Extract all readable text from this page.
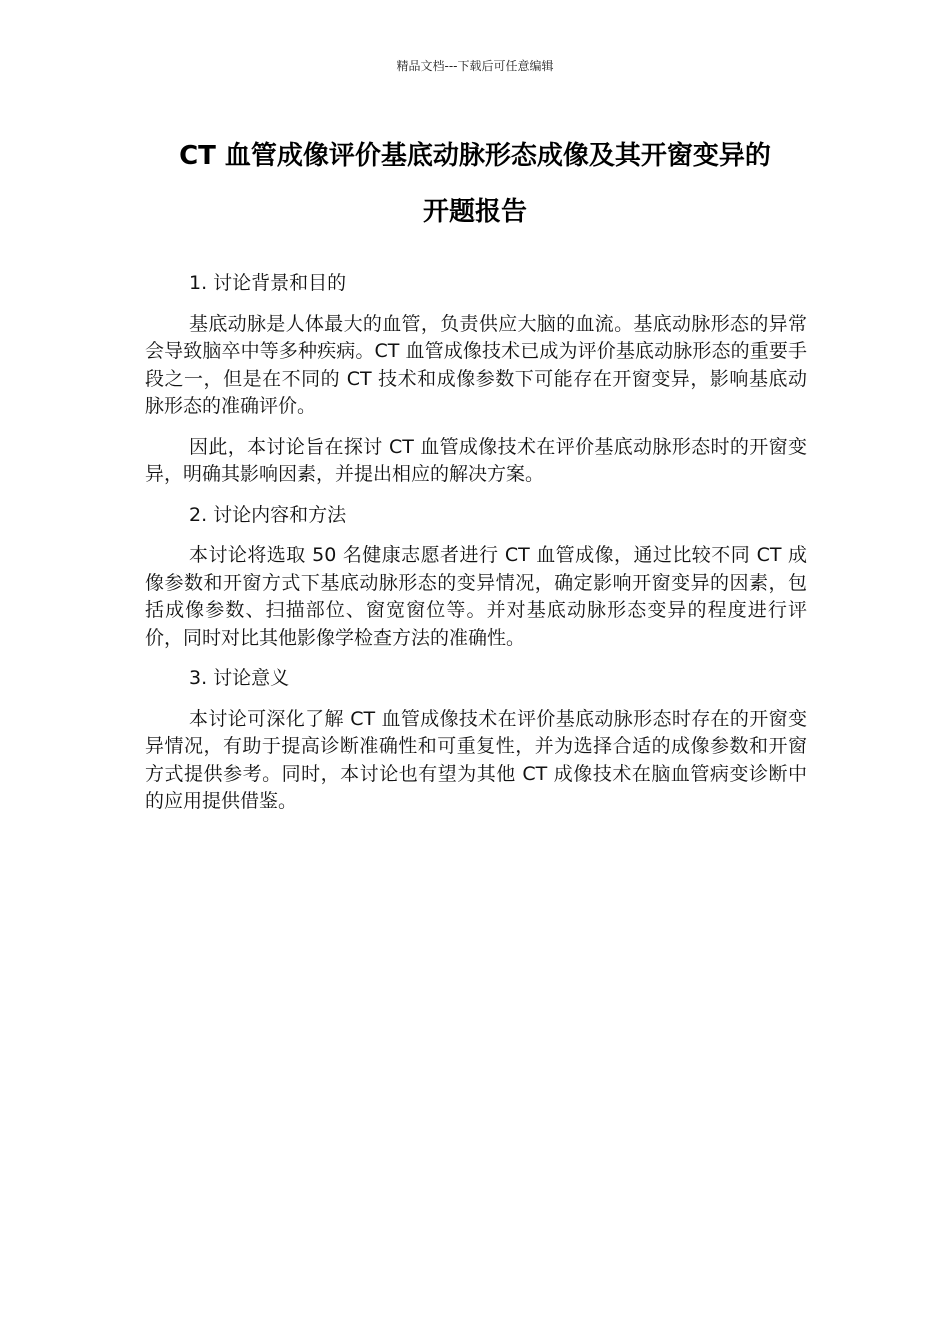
精品文档---下载后可任意编辑
CT 血管成像评价基底动脉形态成像及其开窗变异的
开题报告

1. 讨论背景和目的

基底动脉是人体最大的血管，负责供应大脑的血流。基底动脉形态的异常会导致脑卒中等多种疾病。CT 血管成像技术已成为评价基底动脉形态的重要手段之一，但是在不同的 CT 技术和成像参数下可能存在开窗变异，影响基底动脉形态的准确评价。

因此，本讨论旨在探讨 CT 血管成像技术在评价基底动脉形态时的开窗变异，明确其影响因素，并提出相应的解决方案。

2. 讨论内容和方法

本讨论将选取 50 名健康志愿者进行 CT 血管成像，通过比较不同 CT 成像参数和开窗方式下基底动脉形态的变异情况，确定影响开窗变异的因素，包括成像参数、扫描部位、窗宽窗位等。并对基底动脉形态变异的程度进行评价，同时对比其他影像学检查方法的准确性。

3. 讨论意义

本讨论可深化了解 CT 血管成像技术在评价基底动脉形态时存在的开窗变异情况，有助于提高诊断准确性和可重复性，并为选择合适的成像参数和开窗方式提供参考。同时，本讨论也有望为其他 CT 成像技术在脑血管病变诊断中的应用提供借鉴。
